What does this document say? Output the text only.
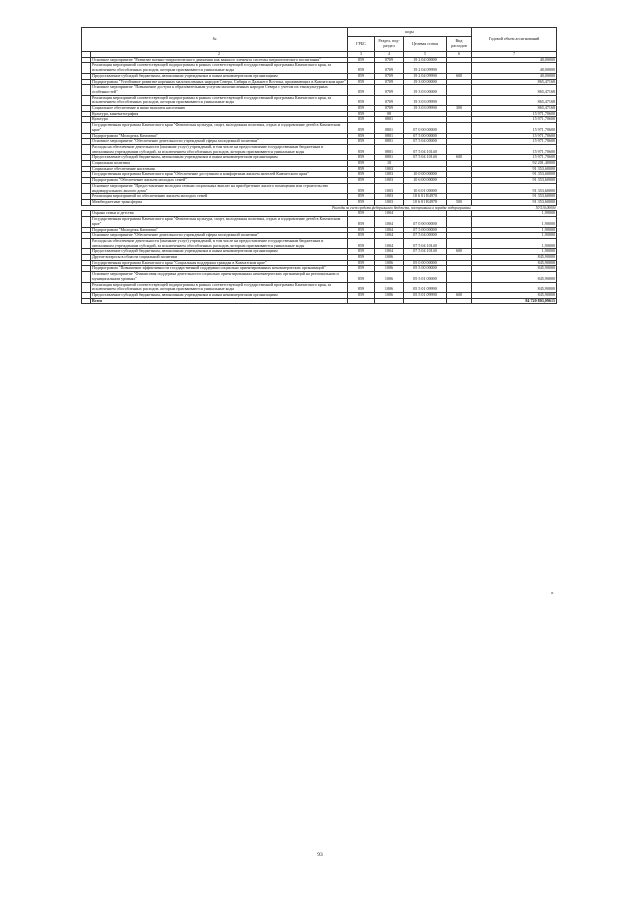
№		коды				Годовой объем ассигнований
		ГРБС	Раздел, под-раздел	Целевая статья	Вид расходов	
	2	3	4	5	6	7
.	Основное мероприятие "Развитие военно-патриотического движения как важного элемента системы патриотического воспитания"	859	0709	19 2 04 00000		40,00000
	Реализация мероприятий соответствующей подпрограммы в рамках соответствующей государственной программы Камчатского края, за исключением обособленных расходов, которым присваиваются уникальные коды	859	0709	19 2 04 09990		40,00000
	Предоставление субсидий бюджетным, автономным учреждениям и иным некоммерческим организациям	859	0709	19 2 04 09990	600	40,00000
	Подпрограмма "Устойчивое развитие коренных малочисленных народов Севера, Сибири и Дальнего Востока, проживающих в Камчатском крае"	859	0709	19 3 00 00000		865,47168
	Основное мероприятие "Повышение доступа к образовательным услугам малочисленных народов Севера с учетом их этнокультурных особенностей"	859	0709	19 3 03 00000		865,47168
	Реализация мероприятий соответствующей подпрограммы в рамках соответствующей государственной программы Камчатского края, за исключением обособленных расходов, которым присваиваются уникальные коды	859	0709	19 3 03 09990		865,47168
	Социальное обеспечение и иные выплаты населению	859	0709	19 3 03 09990	300	865,47168
	Культура, кинематография	859	08			15 971,70600
	Культура	859	0801			15 971,70600
	Государственная программа Камчатского края "Физическая культура, спорт, молодежная политика, отдых и оздоровление детей в Камчатском крае"	859	0801	07 0 00 00000		15 971,70600
	Подпрограмма "Молодежь Камчатки"	859	0801	07 5 00 00000		15 971,70600
	Основное мероприятие "Обеспечение деятельности учреждений сферы молодежной политики"	859	0801	07 5 04 00000		15 971,70600
	Расходы на обеспечение деятельности (оказание услуг) учреждений, в том числе на предоставление государственным бюджетным и автономным учреждениям субсидий, за исключением обособленных расходов, которым присваиваются уникальные коды	859	0801	07 5 04 10140		15 971,70600
	Предоставление субсидий бюджетным, автономным учреждениям и иным некоммерческим организациям	859	0801	07 5 04 10140	600	15 971,70600
	Социальная политика	859	10			92 201,40000
	Социальное обеспечение населения	859	1003			91 353,60000
	Государственная программа Камчатского края "Обеспечение доступным и комфортным жильем жителей Камчатского края"	859	1003	10 0 00 00000		91 353,60000
	Подпрограмма "Обеспечение жильем молодых семей"	859	1003	10 6 00 00000		91 353,60000
	Основное мероприятие "Предоставление молодым семьям социальных выплат на приобретение жилого помещения или строительство индивидуального жилого дома"	859	1003	10 6 01 00000		91 353,60000
	Реализация мероприятий по обеспечению жильем молодых семей	859	1003	10 6 01 R4970		91 353,60000
	Межбюджетные трансферты	859	1003	10 6 01 R4970	500	91 353,60000
Расходы за счет средств федерального бюджета, поступивших в порядке подпрограммы						50 510,00000
	Охрана семьи и детства	859	1004			1,90000
	Государственная программа Камчатского края "Физическая культура, спорт, молодежная политика, отдых и оздоровление детей в Камчатском крае"	859	1004	07 0 00 00000		1,90000
	Подпрограмма "Молодежь Камчатки"	859	1004	07 5 00 00000		1,90000
	Основное мероприятие "Обеспечение деятельности учреждений сферы молодежной политики"	859	1004	07 5 04 00000		1,90000
	Расходы на обеспечение деятельности (оказание услуг) учреждений, в том числе на предоставление государственным бюджетным и автономным учреждениям субсидий, за исключением обособленных расходов, которым присваиваются уникальные коды	859	1004	07 5 04 10140		1,90000
	Предоставление субсидий бюджетным, автономным учреждениям и иным некоммерческим организациям	859	1004	07 5 04 10140	600	1,90000
	Другие вопросы в области социальной политики	859	1006			845,90000
	Государственная программа Камчатского края "Социальная поддержка граждан в Камчатском крае"	859	1006	05 0 00 00000		845,90000
	Подпрограмма "Повышение эффективности государственной поддержки социально ориентированных некоммерческих организаций"	859	1006	05 5 00 00000		845,90000
	Основное мероприятие "Финансовая поддержка деятельности социально ориентированных некоммерческих организаций на региональном и муниципальном уровнях"	859	1006	05 5 01 00000		845,90000
	Реализация мероприятий соответствующей подпрограммы в рамках соответствующей государственной программы Камчатского края, за исключением обособленных расходов, которым присваиваются уникальные коды	859	1006	05 5 01 09990		845,90000
	Предоставление субсидий бюджетным, автономным учреждениям и иным некоммерческим организациям	859	1006	05 5 01 09990	600	845,90000
	Всего					84 720 803,09615
»
93
